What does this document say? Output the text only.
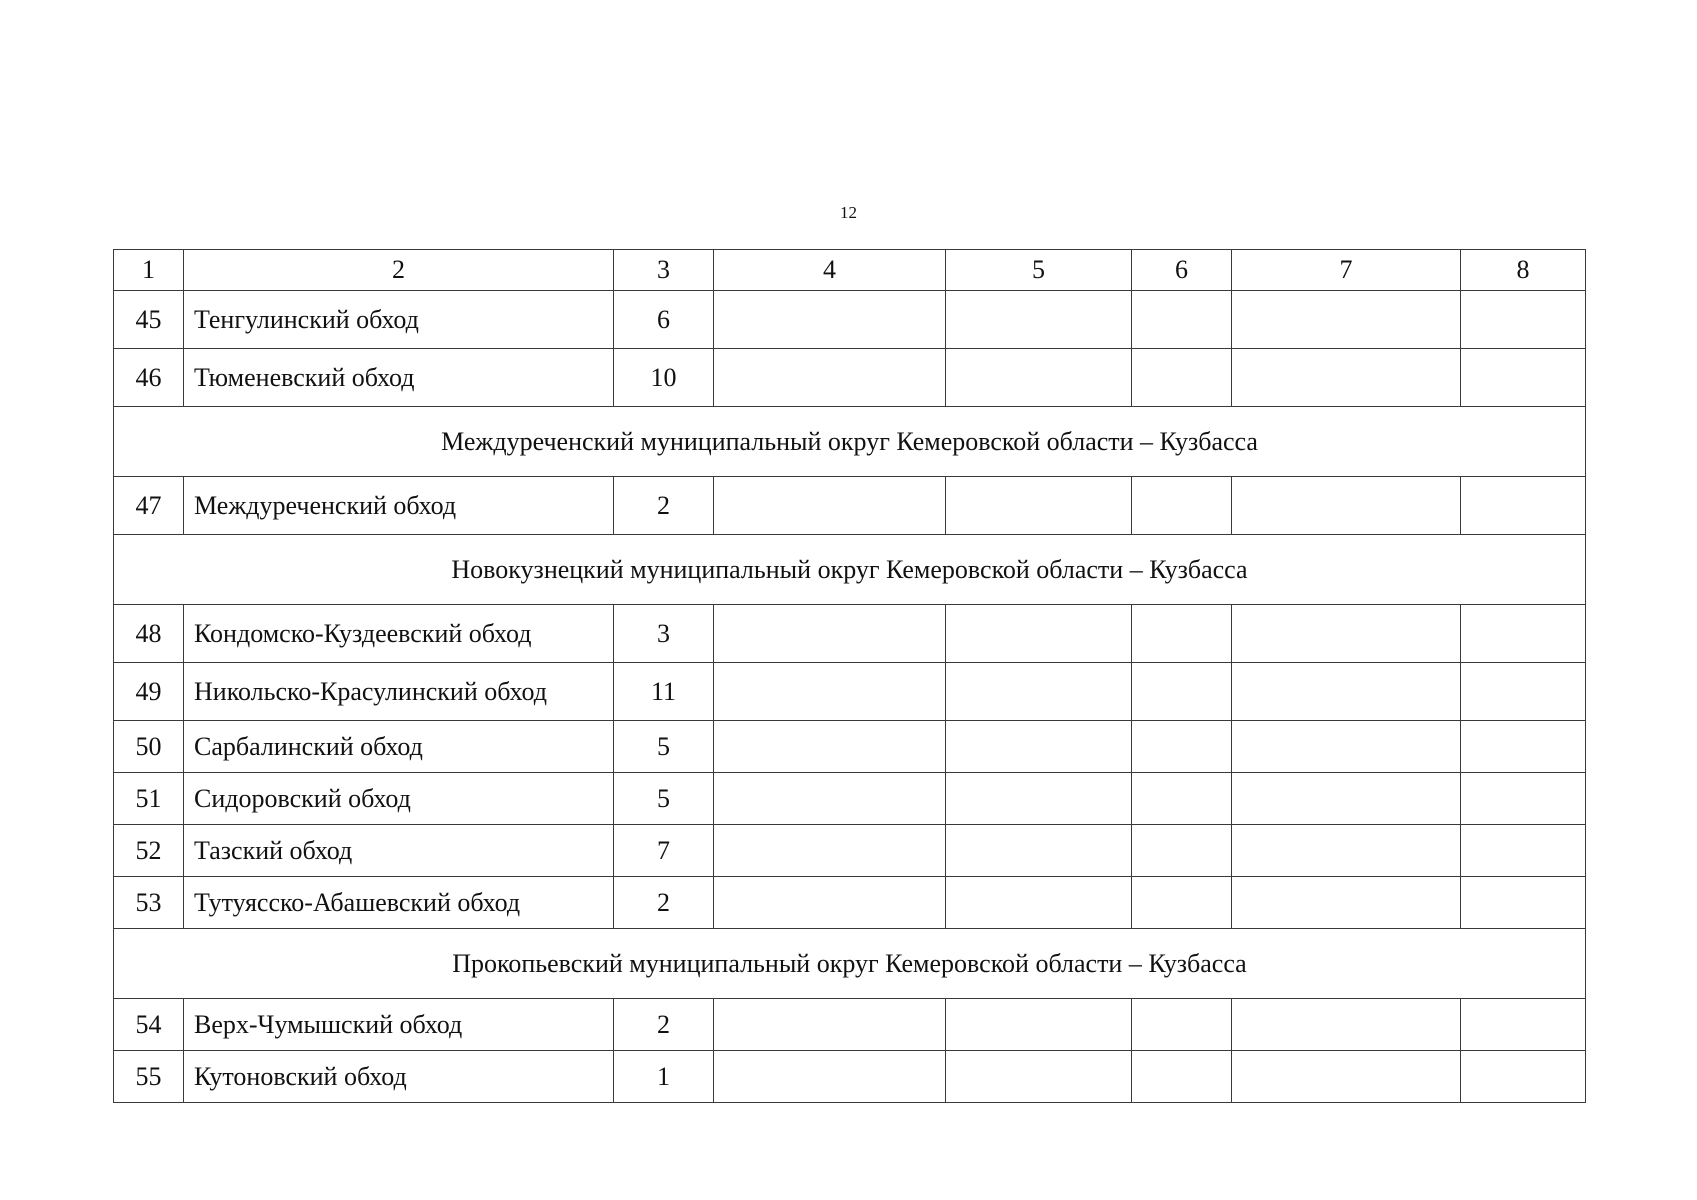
12
1	2	3	4	5	6	7	8
45	Тенгулинский обход	6					
46	Тюменевский обход	10					
Междуреченский муниципальный округ Кемеровской области – Кузбасса							
47	Междуреченский обход	2					
Новокузнецкий муниципальный округ Кемеровской области – Кузбасса							
48	Кондомско-Куздеевский обход	3					
49	Никольско-Красулинский обход	11					
50	Сарбалинский обход	5					
51	Сидоровский обход	5					
52	Тазский обход	7					
53	Тутуясско-Абашевский обход	2					
Прокопьевский муниципальный округ Кемеровской области – Кузбасса							
54	Верх-Чумышский обход	2					
55	Кутоновский обход	1					
